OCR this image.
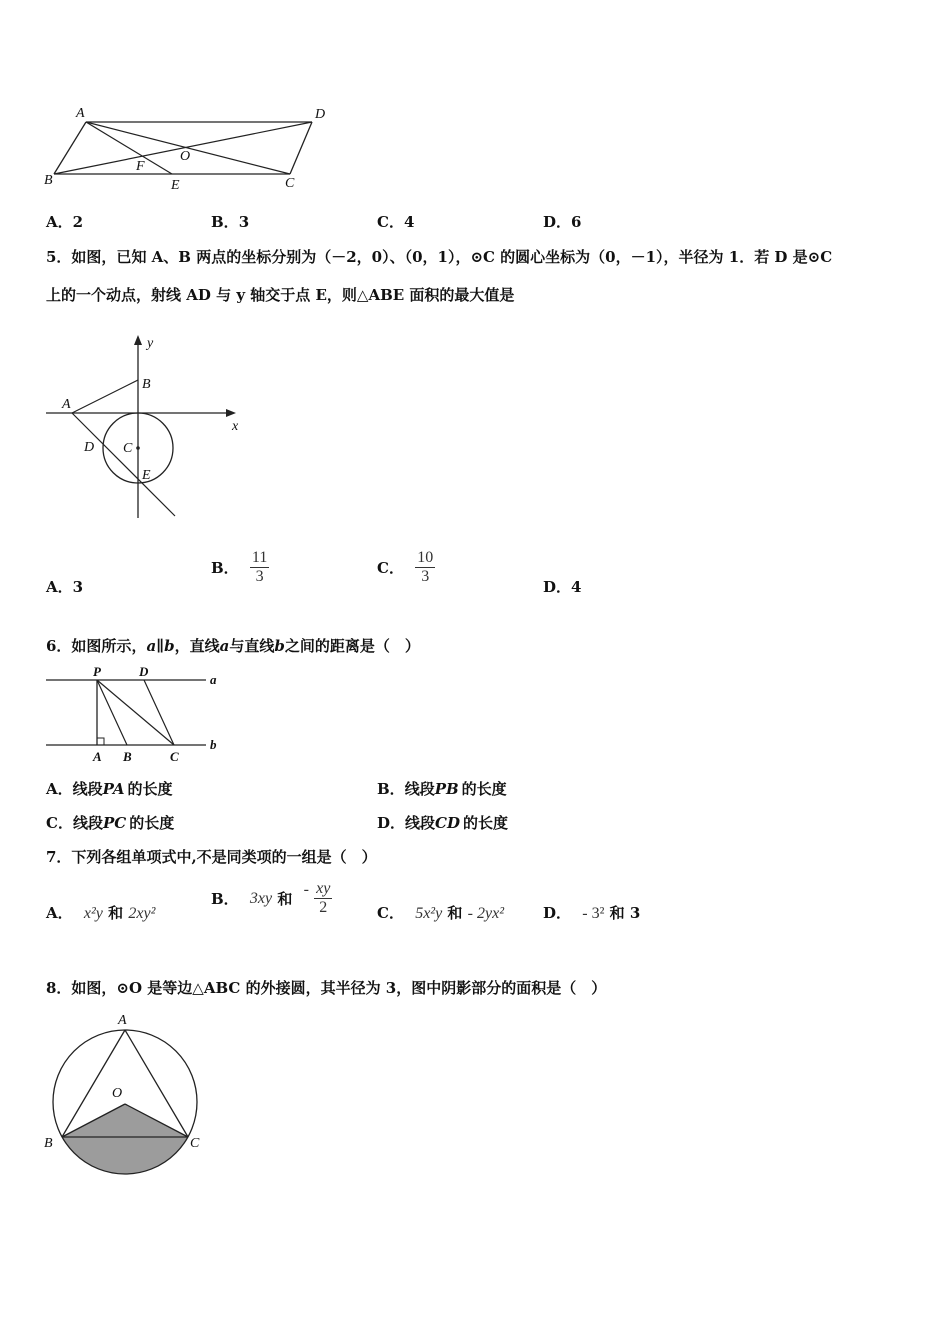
A	D
O
F
B	E	C
A．2	B．3	C．4	D．6
5．如图，已知 A、B 两点的坐标分别为（－2，0）、（0，1），⊙C 的圆心坐标为（0，－1），半径为 1．若 D 是⊙C
上的一个动点，射线 AD 与 y 轴交于点 E，则△ABE 面积的最大值是
y
x
A
B
C
D
E
A．3
B． $\frac{11}{3}$	C． $\frac{10}{3}$
D．4
6．如图所示，a∥b，直线a与直线b之间的距离是（　）
P	D
a
b
A B	C
A．线段PA 的长度	B．线段PB 的长度
C．线段PC 的长度	D．线段CD 的长度
7．下列各组单项式中,不是同类项的一组是（　）
A． x²y 和 2xy²
B． 3xy 和 - $\frac{xy}{2}$	C． 5x²y 和 - 2yx²	D． - 3² 和 3
8．如图，⊙O 是等边△ABC 的外接圆，其半径为 3，图中阴影部分的面积是（　）
A
O
B	C
